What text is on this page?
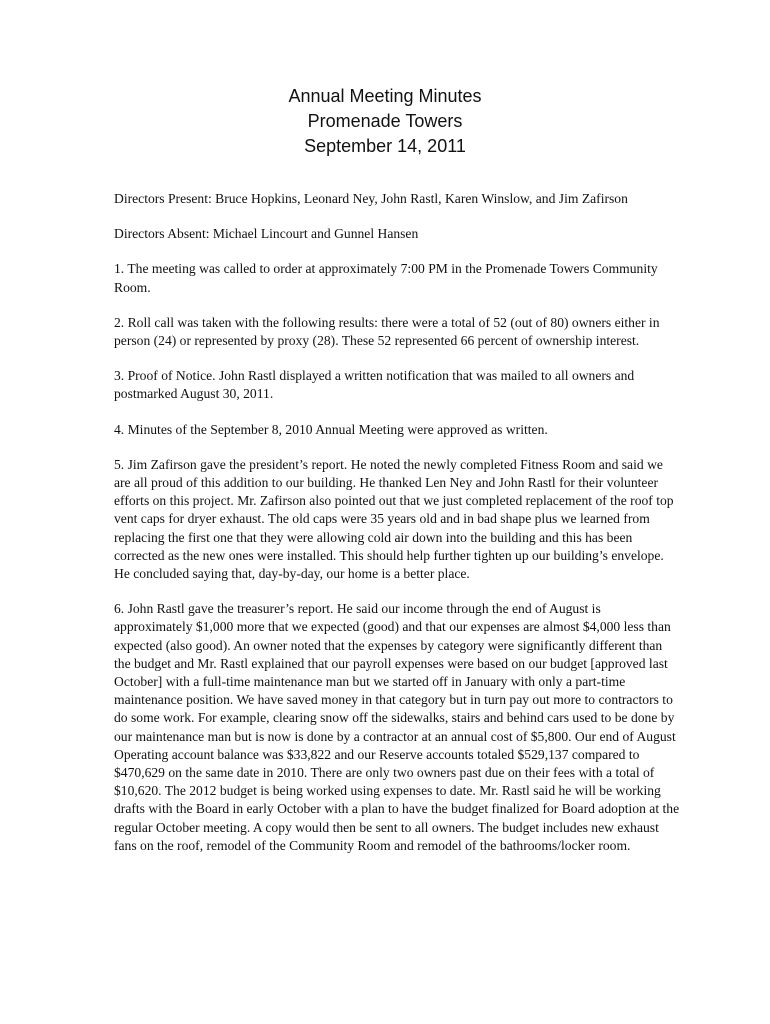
Annual Meeting Minutes
Promenade Towers
September 14, 2011

Directors Present: Bruce Hopkins, Leonard Ney, John Rastl, Karen Winslow, and Jim Zafirson

Directors Absent: Michael Lincourt and Gunnel Hansen

1. The meeting was called to order at approximately 7:00 PM in the Promenade Towers Community Room.

2. Roll call was taken with the following results: there were a total of 52 (out of 80) owners either in person (24) or represented by proxy (28). These 52 represented 66 percent of ownership interest.

3. Proof of Notice. John Rastl displayed a written notification that was mailed to all owners and postmarked August 30, 2011.

4. Minutes of the September 8, 2010 Annual Meeting were approved as written.

5. Jim Zafirson gave the president’s report. He noted the newly completed Fitness Room and said we are all proud of this addition to our building. He thanked Len Ney and John Rastl for their volunteer efforts on this project. Mr. Zafirson also pointed out that we just completed replacement of the roof top vent caps for dryer exhaust. The old caps were 35 years old and in bad shape plus we learned from replacing the first one that they were allowing cold air down into the building and this has been corrected as the new ones were installed. This should help further tighten up our building’s envelope. He concluded saying that, day-by-day, our home is a better place.

6. John Rastl gave the treasurer’s report. He said our income through the end of August is approximately $1,000 more that we expected (good) and that our expenses are almost $4,000 less than expected (also good). An owner noted that the expenses by category were significantly different than the budget and Mr. Rastl explained that our payroll expenses were based on our budget [approved last October] with a full-time maintenance man but we started off in January with only a part-time maintenance position. We have saved money in that category but in turn pay out more to contractors to do some work. For example, clearing snow off the sidewalks, stairs and behind cars used to be done by our maintenance man but is now is done by a contractor at an annual cost of $5,800. Our end of August Operating account balance was $33,822 and our Reserve accounts totaled $529,137 compared to $470,629 on the same date in 2010. There are only two owners past due on their fees with a total of $10,620. The 2012 budget is being worked using expenses to date. Mr. Rastl said he will be working drafts with the Board in early October with a plan to have the budget finalized for Board adoption at the regular October meeting. A copy would then be sent to all owners. The budget includes new exhaust fans on the roof, remodel of the Community Room and remodel of the bathrooms/locker room.
